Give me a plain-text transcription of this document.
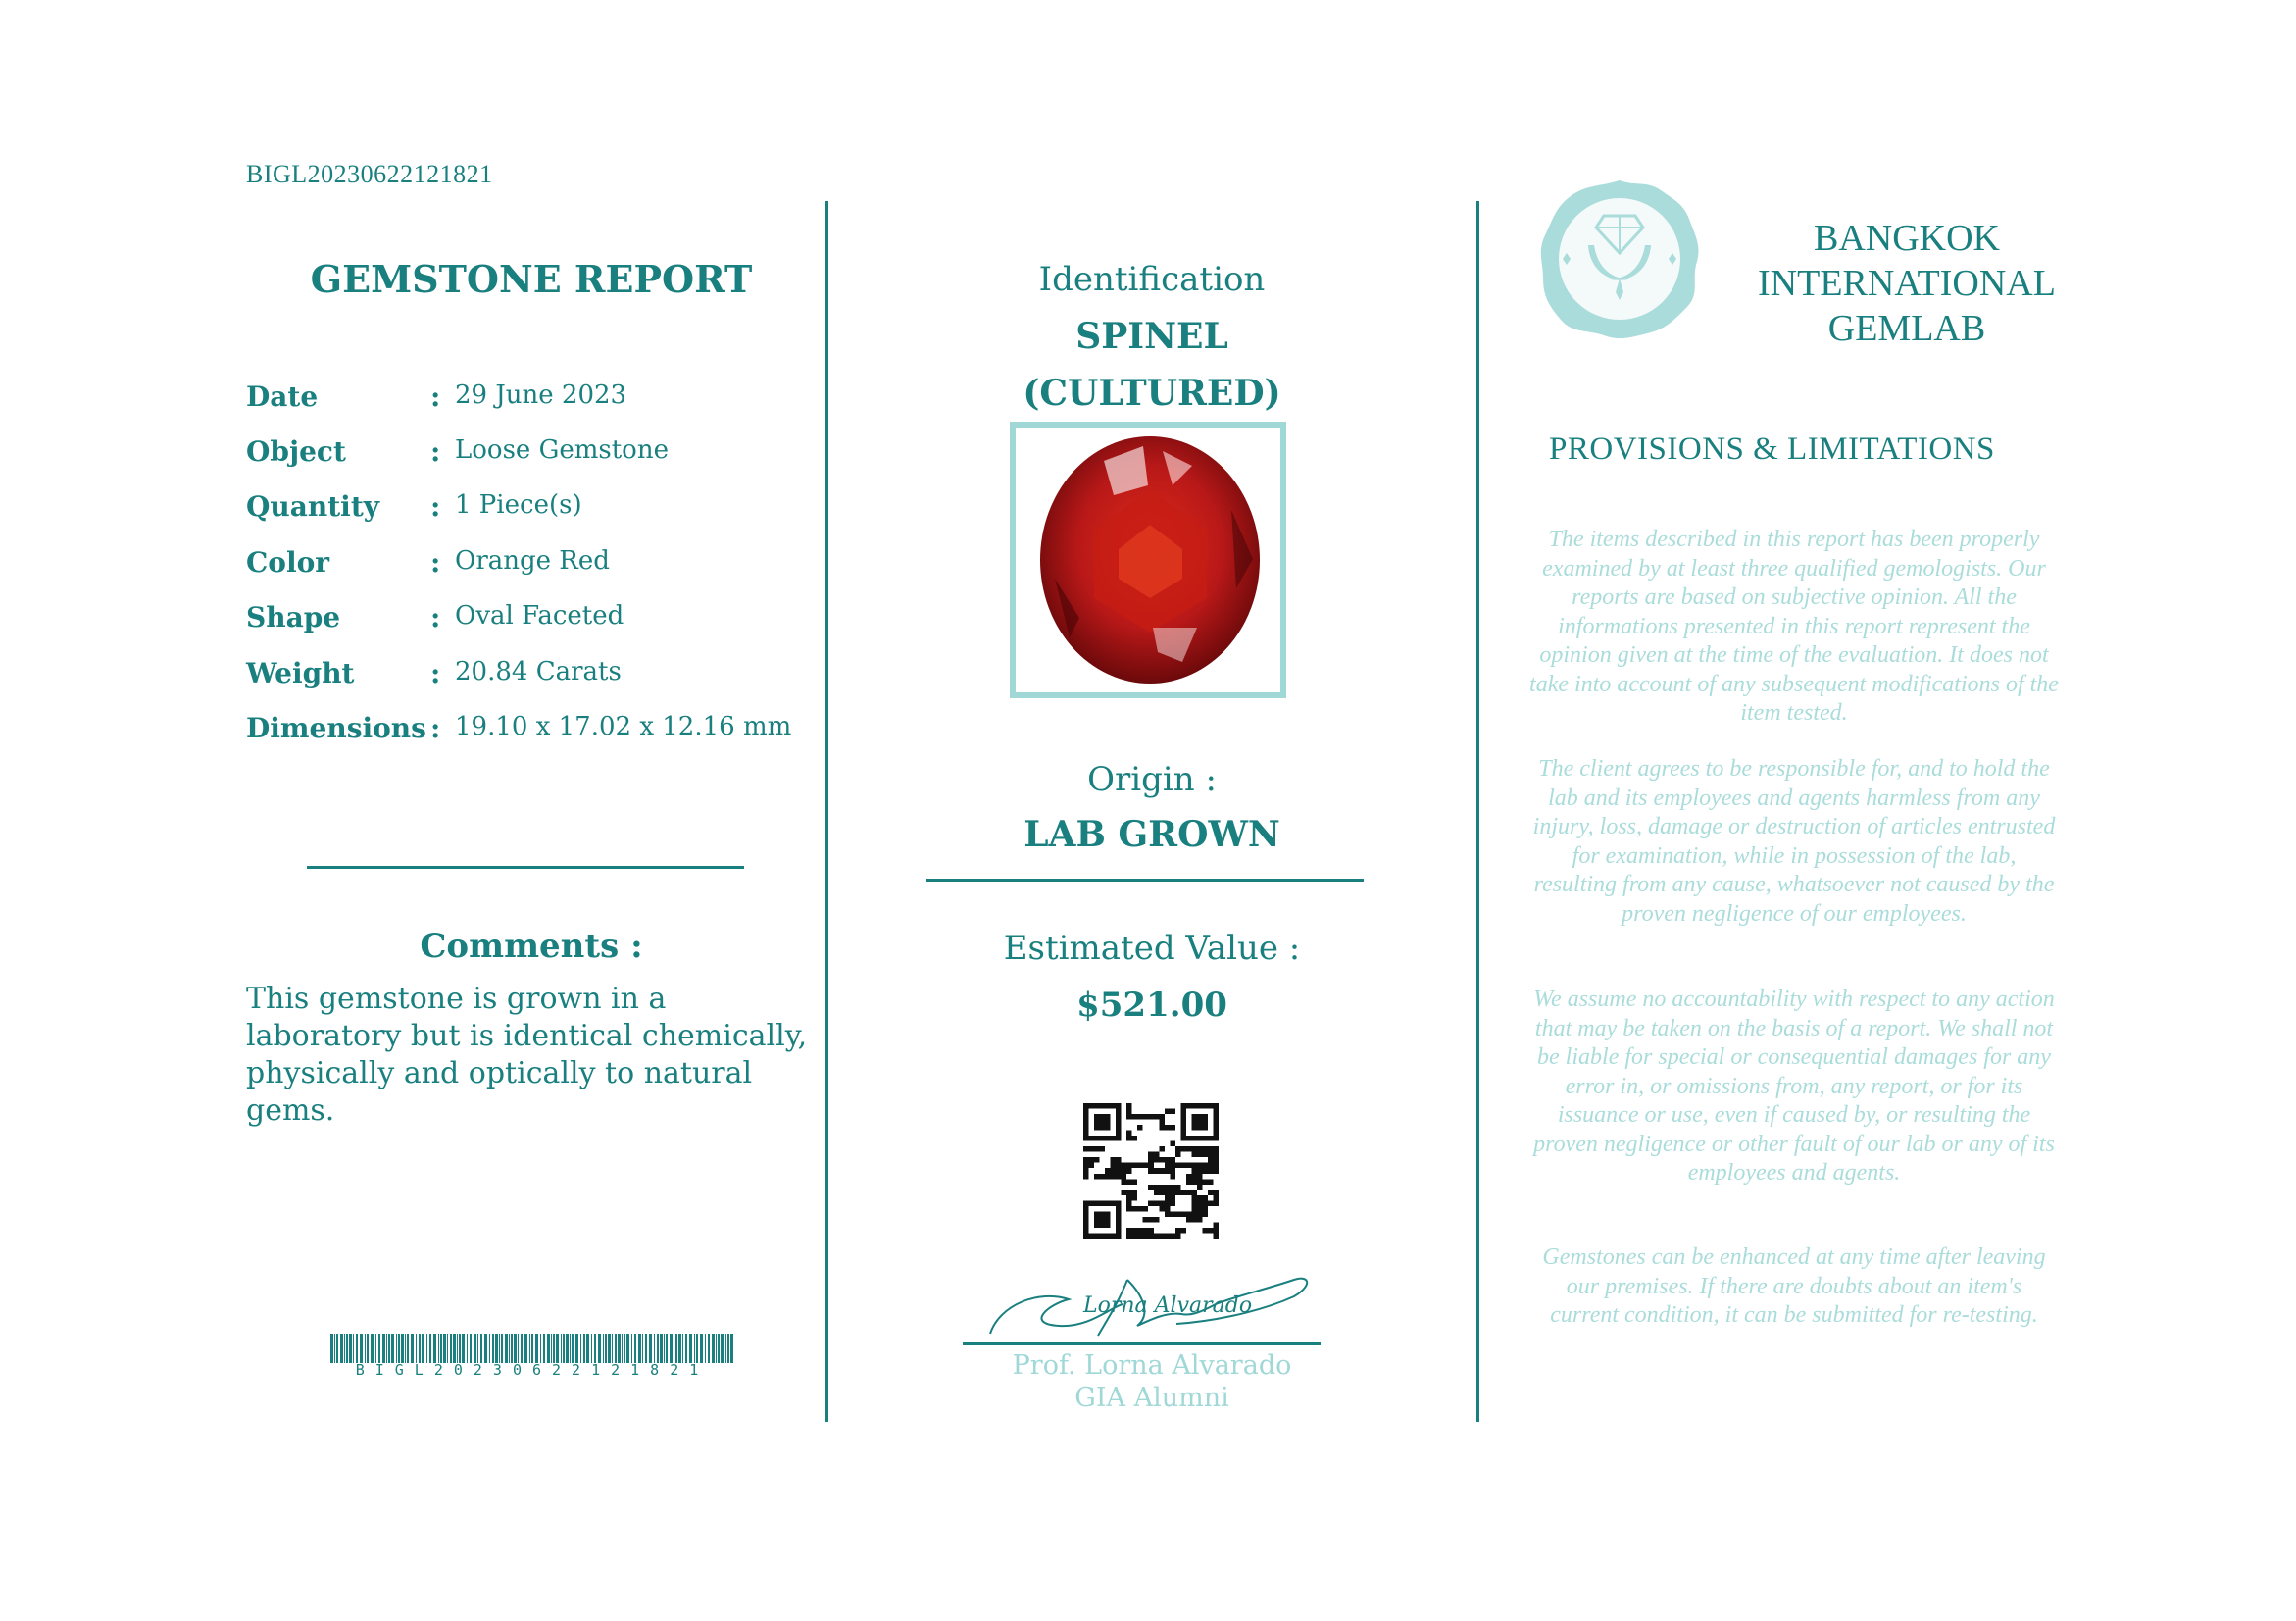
BIGL20230622121821
GEMSTONE REPORT
Date	: 29 June 2023
Object	: Loose Gemstone
Quantity : 1 Piece(s)
Color	: Orange Red
Shape	: Oval Faceted
Weight	: 20.84 Carats
Dimensions : 19.10 x 17.02 x 12.16 mm
Comments :
This gemstone is grown in a laboratory but is identical chemically, physically and optically to natural gems.
BIGL20230622121821
Identification
SPINEL
(CULTURED)
Origin :
LAB GROWN
Estimated Value :
$521.00
Lorna Alvarado
Prof. Lorna Alvarado
GIA Alumni
BANGKOK
INTERNATIONAL
GEMLAB
PROVISIONS & LIMITATIONS
The items described in this report has been properly examined by at least three qualified gemologists. Our reports are based on subjective opinion. All the informations presented in this report represent the opinion given at the time of the evaluation. It does not take into account of any subsequent modifications of the item tested.
The client agrees to be responsible for, and to hold the lab and its employees and agents harmless from any injury, loss, damage or destruction of articles entrusted for examination, while in possession of the lab, resulting from any cause, whatsoever not caused by the proven negligence of our employees.
We assume no accountability with respect to any action that may be taken on the basis of a report. We shall not be liable for special or consequential damages for any error in, or omissions from, any report, or for its issuance or use, even if caused by, or resulting the proven negligence or other fault of our lab or any of its employees and agents.
Gemstones can be enhanced at any time after leaving our premises. If there are doubts about an item's current condition, it can be submitted for re-testing.
